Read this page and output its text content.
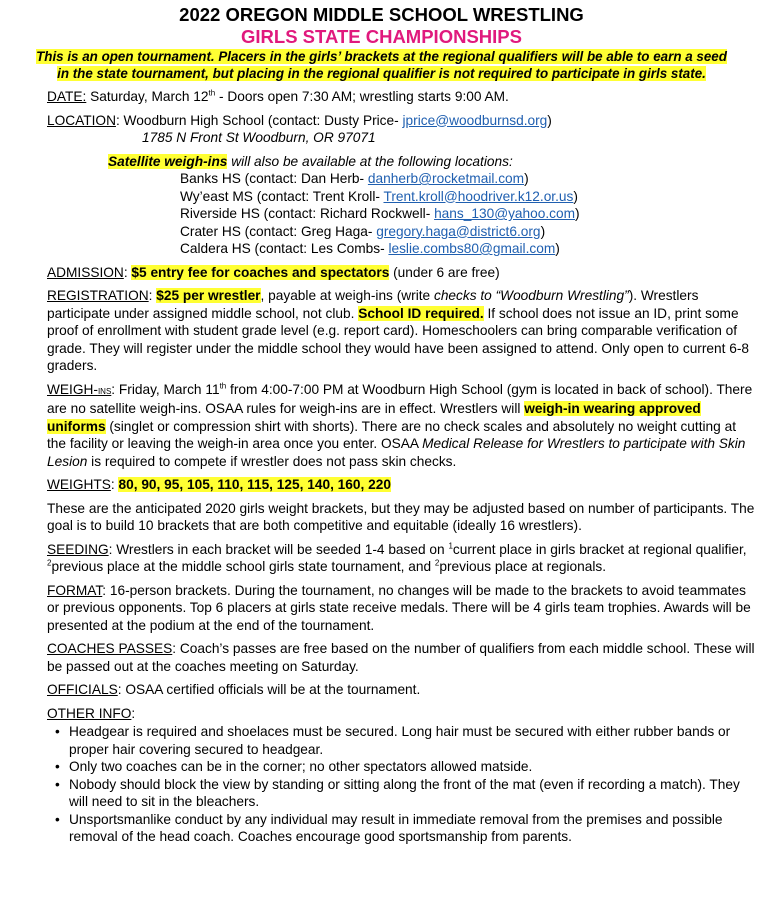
2022 OREGON MIDDLE SCHOOL WRESTLING
GIRLS STATE CHAMPIONSHIPS
This is an open tournament. Placers in the girls’ brackets at the regional qualifiers will be able to earn a seed
in the state tournament, but placing in the regional qualifier is not required to participate in girls state.
DATE: Saturday, March 12th - Doors open 7:30 AM; wrestling starts 9:00 AM.
LOCATION: Woodburn High School (contact: Dusty Price- jprice@woodburnsd.org)
1785 N Front St Woodburn, OR 97071
Satellite weigh-ins will also be available at the following locations:
Banks HS (contact: Dan Herb- danherb@rocketmail.com)
Wy’east MS (contact: Trent Kroll- Trent.kroll@hoodriver.k12.or.us)
Riverside HS (contact: Richard Rockwell- hans_130@yahoo.com)
Crater HS (contact: Greg Haga- gregory.haga@district6.org)
Caldera HS (contact: Les Combs- leslie.combs80@gmail.com)
ADMISSION: $5 entry fee for coaches and spectators (under 6 are free)
REGISTRATION: $25 per wrestler, payable at weigh-ins (write checks to “Woodburn Wrestling”). Wrestlers participate under assigned middle school, not club. School ID required. If school does not issue an ID, print some proof of enrollment with student grade level (e.g. report card). Homeschoolers can bring comparable verification of grade. They will register under the middle school they would have been assigned to attend. Only open to current 6-8 graders.
WEIGH-INS: Friday, March 11th from 4:00-7:00 PM at Woodburn High School (gym is located in back of school). There are no satellite weigh-ins. OSAA rules for weigh-ins are in effect. Wrestlers will weigh-in wearing approved uniforms (singlet or compression shirt with shorts). There are no check scales and absolutely no weight cutting at the facility or leaving the weigh-in area once you enter. OSAA Medical Release for Wrestlers to participate with Skin Lesion is required to compete if wrestler does not pass skin checks.
WEIGHTS: 80, 90, 95, 105, 110, 115, 125, 140, 160, 220
These are the anticipated 2020 girls weight brackets, but they may be adjusted based on number of participants. The goal is to build 10 brackets that are both competitive and equitable (ideally 16 wrestlers).
SEEDING: Wrestlers in each bracket will be seeded 1-4 based on $^1$current place in girls bracket at regional qualifier, $^2$previous place at the middle school girls state tournament, and $^2$previous place at regionals.
FORMAT: 16-person brackets. During the tournament, no changes will be made to the brackets to avoid teammates or previous opponents. Top 6 placers at girls state receive medals. There will be 4 girls team trophies. Awards will be presented at the podium at the end of the tournament.
COACHES PASSES: Coach’s passes are free based on the number of qualifiers from each middle school. These will be passed out at the coaches meeting on Saturday.
OFFICIALS: OSAA certified officials will be at the tournament.
OTHER INFO:
• Headgear is required and shoelaces must be secured. Long hair must be secured with either rubber bands or proper hair covering secured to headgear.
• Only two coaches can be in the corner; no other spectators allowed matside.
• Nobody should block the view by standing or sitting along the front of the mat (even if recording a match). They will need to sit in the bleachers.
• Unsportsmanlike conduct by any individual may result in immediate removal from the premises and possible removal of the head coach. Coaches encourage good sportsmanship from parents.
